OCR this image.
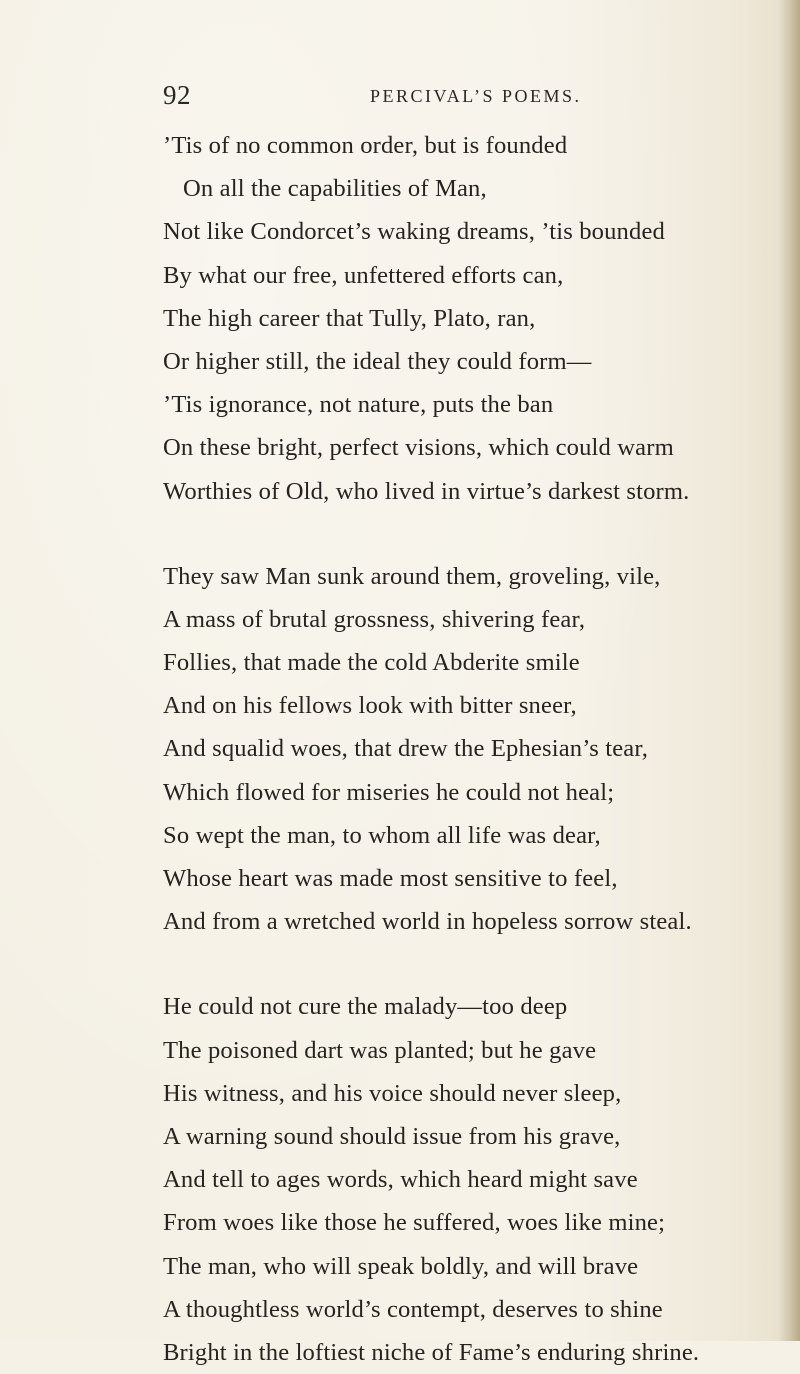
92	PERCIVAL’S POEMS.
’Tis of no common order, but is founded
On all the capabilities of Man,
Not like Condorcet’s waking dreams, ’tis bounded
By what our free, unfettered efforts can,
The high career that Tully, Plato, ran,
Or higher still, the ideal they could form—
’Tis ignorance, not nature, puts the ban
On these bright, perfect visions, which could warm
Worthies of Old, who lived in virtue’s darkest storm.
They saw Man sunk around them, groveling, vile,
A mass of brutal grossness, shivering fear,
Follies, that made the cold Abderite smile
And on his fellows look with bitter sneer,
And squalid woes, that drew the Ephesian’s tear,
Which flowed for miseries he could not heal;
So wept the man, to whom all life was dear,
Whose heart was made most sensitive to feel,
And from a wretched world in hopeless sorrow steal.
He could not cure the malady—too deep
The poisoned dart was planted; but he gave
His witness, and his voice should never sleep,
A warning sound should issue from his grave,
And tell to ages words, which heard might save
From woes like those he suffered, woes like mine;
The man, who will speak boldly, and will brave
A thoughtless world’s contempt, deserves to shine
Bright in the loftiest niche of Fame’s enduring shrine.
